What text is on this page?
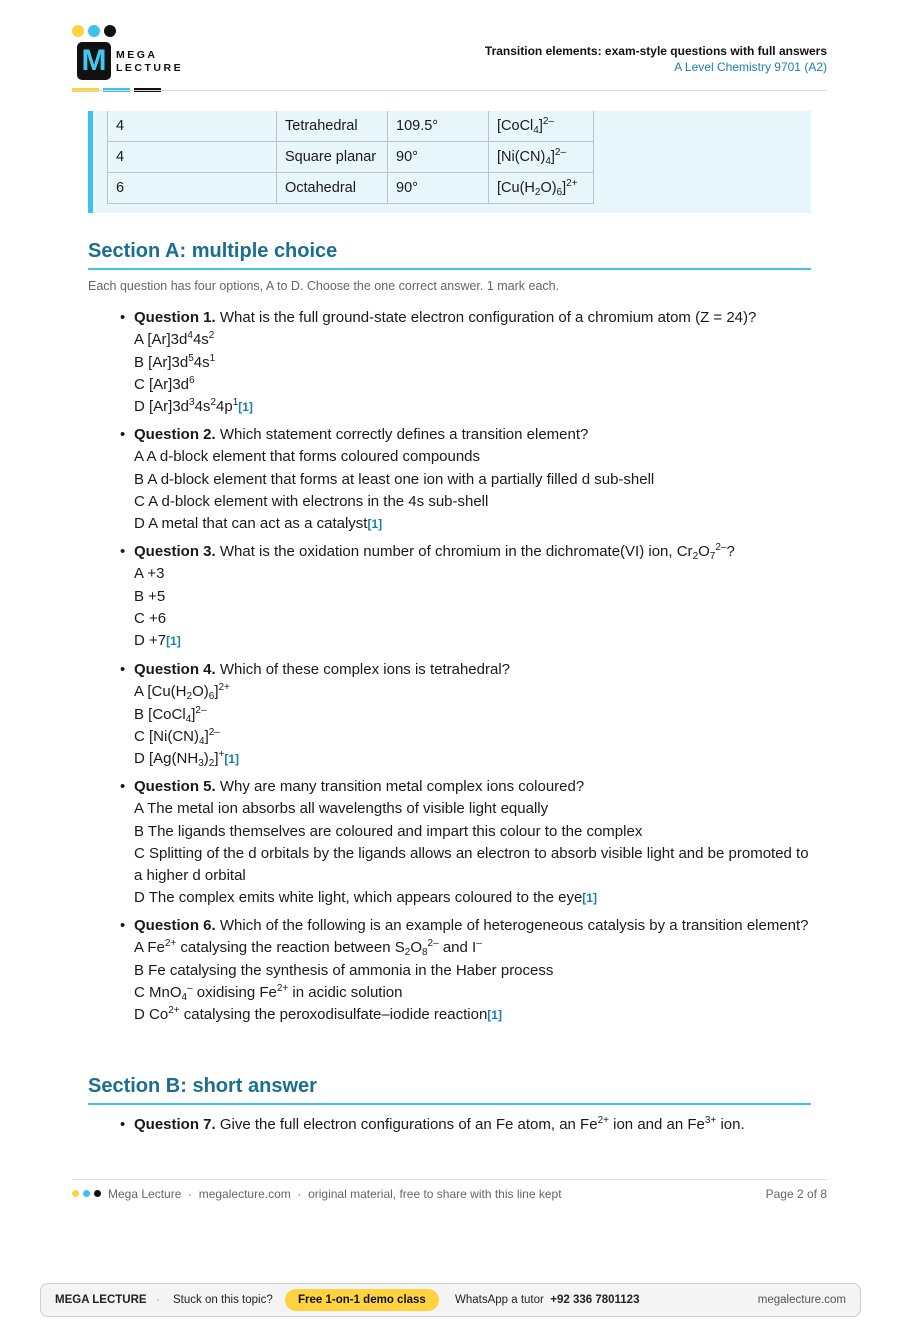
M MEGA
LECTURE
Transition elements: exam-style questions with full answers
A Level Chemistry 9701 (A2)
4	Tetrahedral	109.5°	[CoCl$_4$]$^{2-}$
4	Square planar	90°	$[Ni(CN)_4]^{2-}$
6	Octahedral	90°	$[Cu(H_2O)_6]^{2+}$
Section A: multiple choice
Each question has four options, A to D. Choose the one correct answer. 1 mark each.
• Question 1. What is the full ground-state electron configuration of a chromium atom (Z = 24)?
A $[Ar]3d^44s^2$
B $[Ar]3d^54s^1$
C $[Ar]3d^6$
D $[Ar]3d^34s^24p^1[1]$
• Question 2. Which statement correctly defines a transition element?
A A d-block element that forms coloured compounds
B A d-block element that forms at least one ion with a partially filled d sub-shell
C A d-block element with electrons in the 4s sub-shell
D A metal that can act as a catalyst[1]
• Question 3. What is the oxidation number of chromium in the dichromate(VI) ion, $Cr_2O_7^{2-}$?
A +3
B +5
C +6
D +7[1]
• Question 4. Which of these complex ions is tetrahedral?
A $[Cu(H_2O)_6]^{2+}$
B [CoCl$_4$]$^{2-}$
C $[Ni(CN)_4]^{2-}$
D $[Ag(NH_3)_2]^+[1]$
• Question 5. Why are many transition metal complex ions coloured?
A The metal ion absorbs all wavelengths of visible light equally
B The ligands themselves are coloured and impart this colour to the complex
C Splitting of the d orbitals by the ligands allows an electron to absorb visible light and be promoted to a higher d orbital
D The complex emits white light, which appears coloured to the eye[1]
• Question 6. Which of the following is an example of heterogeneous catalysis by a transition element?
A $Fe^{2+}$ catalysing the reaction between $S_2O_8^{2-}$ and I–
B Fe catalysing the synthesis of ammonia in the Haber process
C MnO$_4$– oxidising $Fe^{2+}$ in acidic solution
D $Co^{2+}$ catalysing the peroxodisulfate–iodide reaction[1]
Section B: short answer
• Question 7. Give the full electron configurations of an Fe atom, an $Fe^{2+}$ ion and an $Fe^{3+}$ ion.
Mega Lecture  ·  megalecture.com  ·  original material, free to share with this line kept	Page 2 of 8
MEGA LECTURE · Stuck on this topic?	Free 1-on-1 demo class	WhatsApp a tutor +92 336 7801123	megalecture.com
